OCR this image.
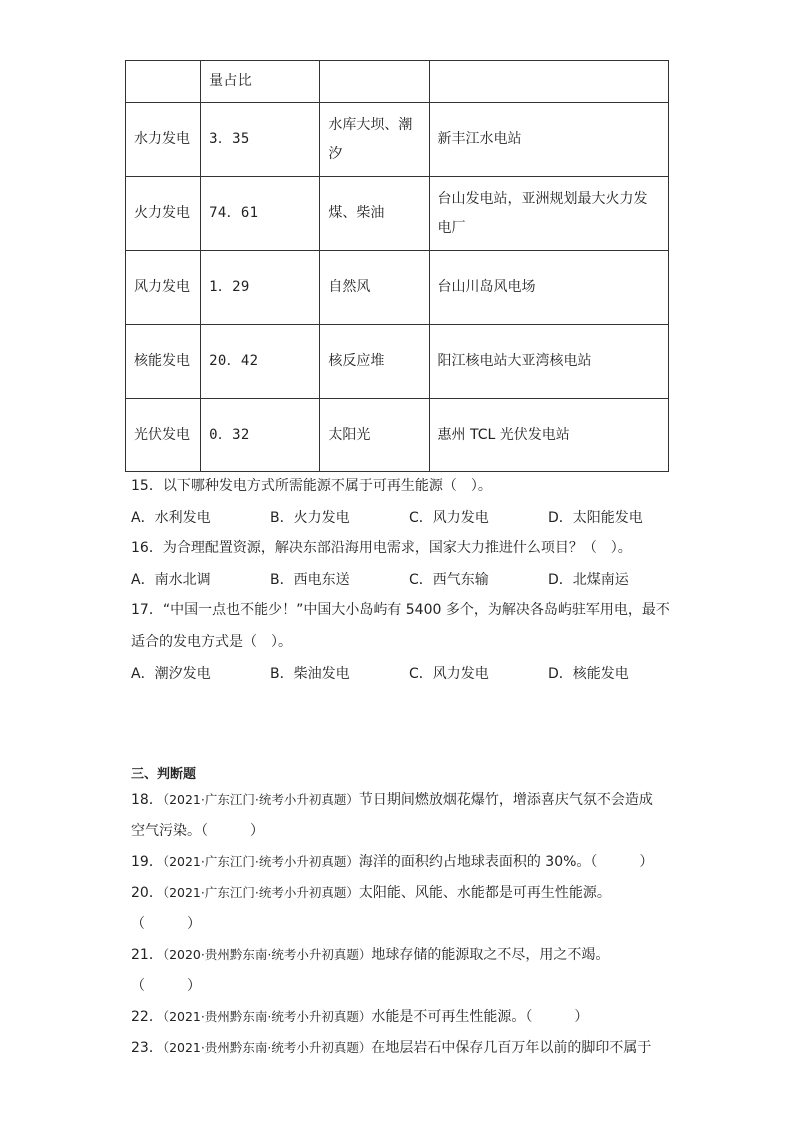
	量占比		
水力发电	3．35	水库大坝、潮汐	新丰江水电站
火力发电	74．61	煤、柴油	台山发电站，亚洲规划最大火力发电厂
风力发电	1．29	自然风	台山川岛风电场
核能发电	20．42	核反应堆	阳江核电站大亚湾核电站
光伏发电	0．32	太阳光	惠州 TCL 光伏发电站
15．以下哪种发电方式所需能源不属于可再生能源（　）。
A．水利发电	B．火力发电	C．风力发电	D．太阳能发电
16．为合理配置资源，解决东部沿海用电需求，国家大力推进什么项目？（　）。
A．南水北调	B．西电东送	C．西气东输	D．北煤南运
17．“中国一点也不能少！”中国大小岛屿有 5400 多个，为解决各岛屿驻军用电，最不
适合的发电方式是（　）。
A．潮汐发电	B．柴油发电	C．风力发电	D．核能发电
三、判断题
18．（2021·广东江门·统考小升初真题）节日期间燃放烟花爆竹，增添喜庆气氛不会造成
空气污染。（　　　）
19．（2021·广东江门·统考小升初真题）海洋的面积约占地球表面积的 30%。（　　　）
20．（2021·广东江门·统考小升初真题）太阳能、风能、水能都是可再生性能源。
（　　　）
21．（2020·贵州黔东南·统考小升初真题）地球存储的能源取之不尽，用之不竭。
（　　　）
22．（2021·贵州黔东南·统考小升初真题）水能是不可再生性能源。（　　　）
23．（2021·贵州黔东南·统考小升初真题）在地层岩石中保存几百万年以前的脚印不属于
